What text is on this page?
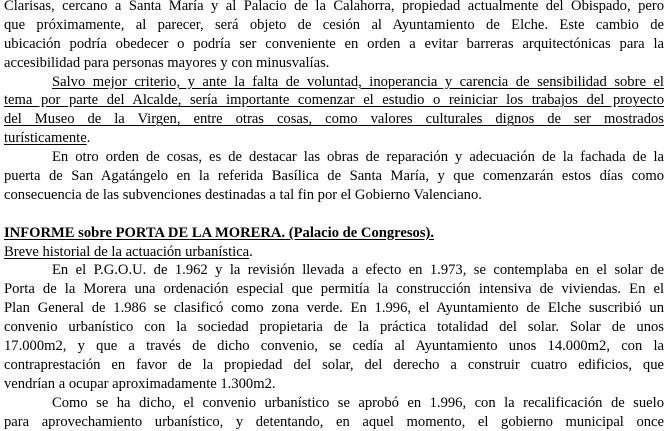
Clarisas, cercano a Santa María y al Palacio de la Calahorra, propiedad actualmente del Obispado, pero
que próximamente, al parecer, será objeto de cesión al Ayuntamiento de Elche. Este cambio de
ubicación podría obedecer o podría ser conveniente en orden a evitar barreras arquitectónicas para la
accesibilidad para personas mayores y con minusvalías.
Salvo mejor criterio, y ante la falta de voluntad, inoperancia y carencia de sensibilidad sobre el
tema por parte del Alcalde, sería importante comenzar el estudio o reiniciar los trabajos del proyecto
del Museo de la Virgen, entre otras cosas, como valores culturales dignos de ser mostrados
turísticamente.
En otro orden de cosas, es de destacar las obras de reparación y adecuación de la fachada de la
puerta de San Agatángelo en la referida Basílica de Santa María, y que comenzarán estos días como
consecuencia de las subvenciones destinadas a tal fin por el Gobierno Valenciano.
INFORME sobre PORTA DE LA MORERA. (Palacio de Congresos).
Breve historial de la actuación urbanística.
En el P.G.O.U. de 1.962 y la revisión llevada a efecto en 1.973, se contemplaba en el solar de
Porta de la Morera una ordenación especial que permitía la construcción intensiva de viviendas. En el
Plan General de 1.986 se clasificó como zona verde. En 1.996, el Ayuntamiento de Elche suscribió un
convenio urbanístico con la sociedad propietaria de la práctica totalidad del solar. Solar de unos
17.000m2, y que a través de dicho convenio, se cedía al Ayuntamiento unos 14.000m2, con la
contraprestación en favor de la propiedad del solar, del derecho a construir cuatro edificios, que
vendrían a ocupar aproximadamente 1.300m2.
Como se ha dicho, el convenio urbanístico se aprobó en 1.996, con la recalificación de suelo
para aprovechamiento urbanístico, y detentando, en aquel momento, el gobierno municipal once
